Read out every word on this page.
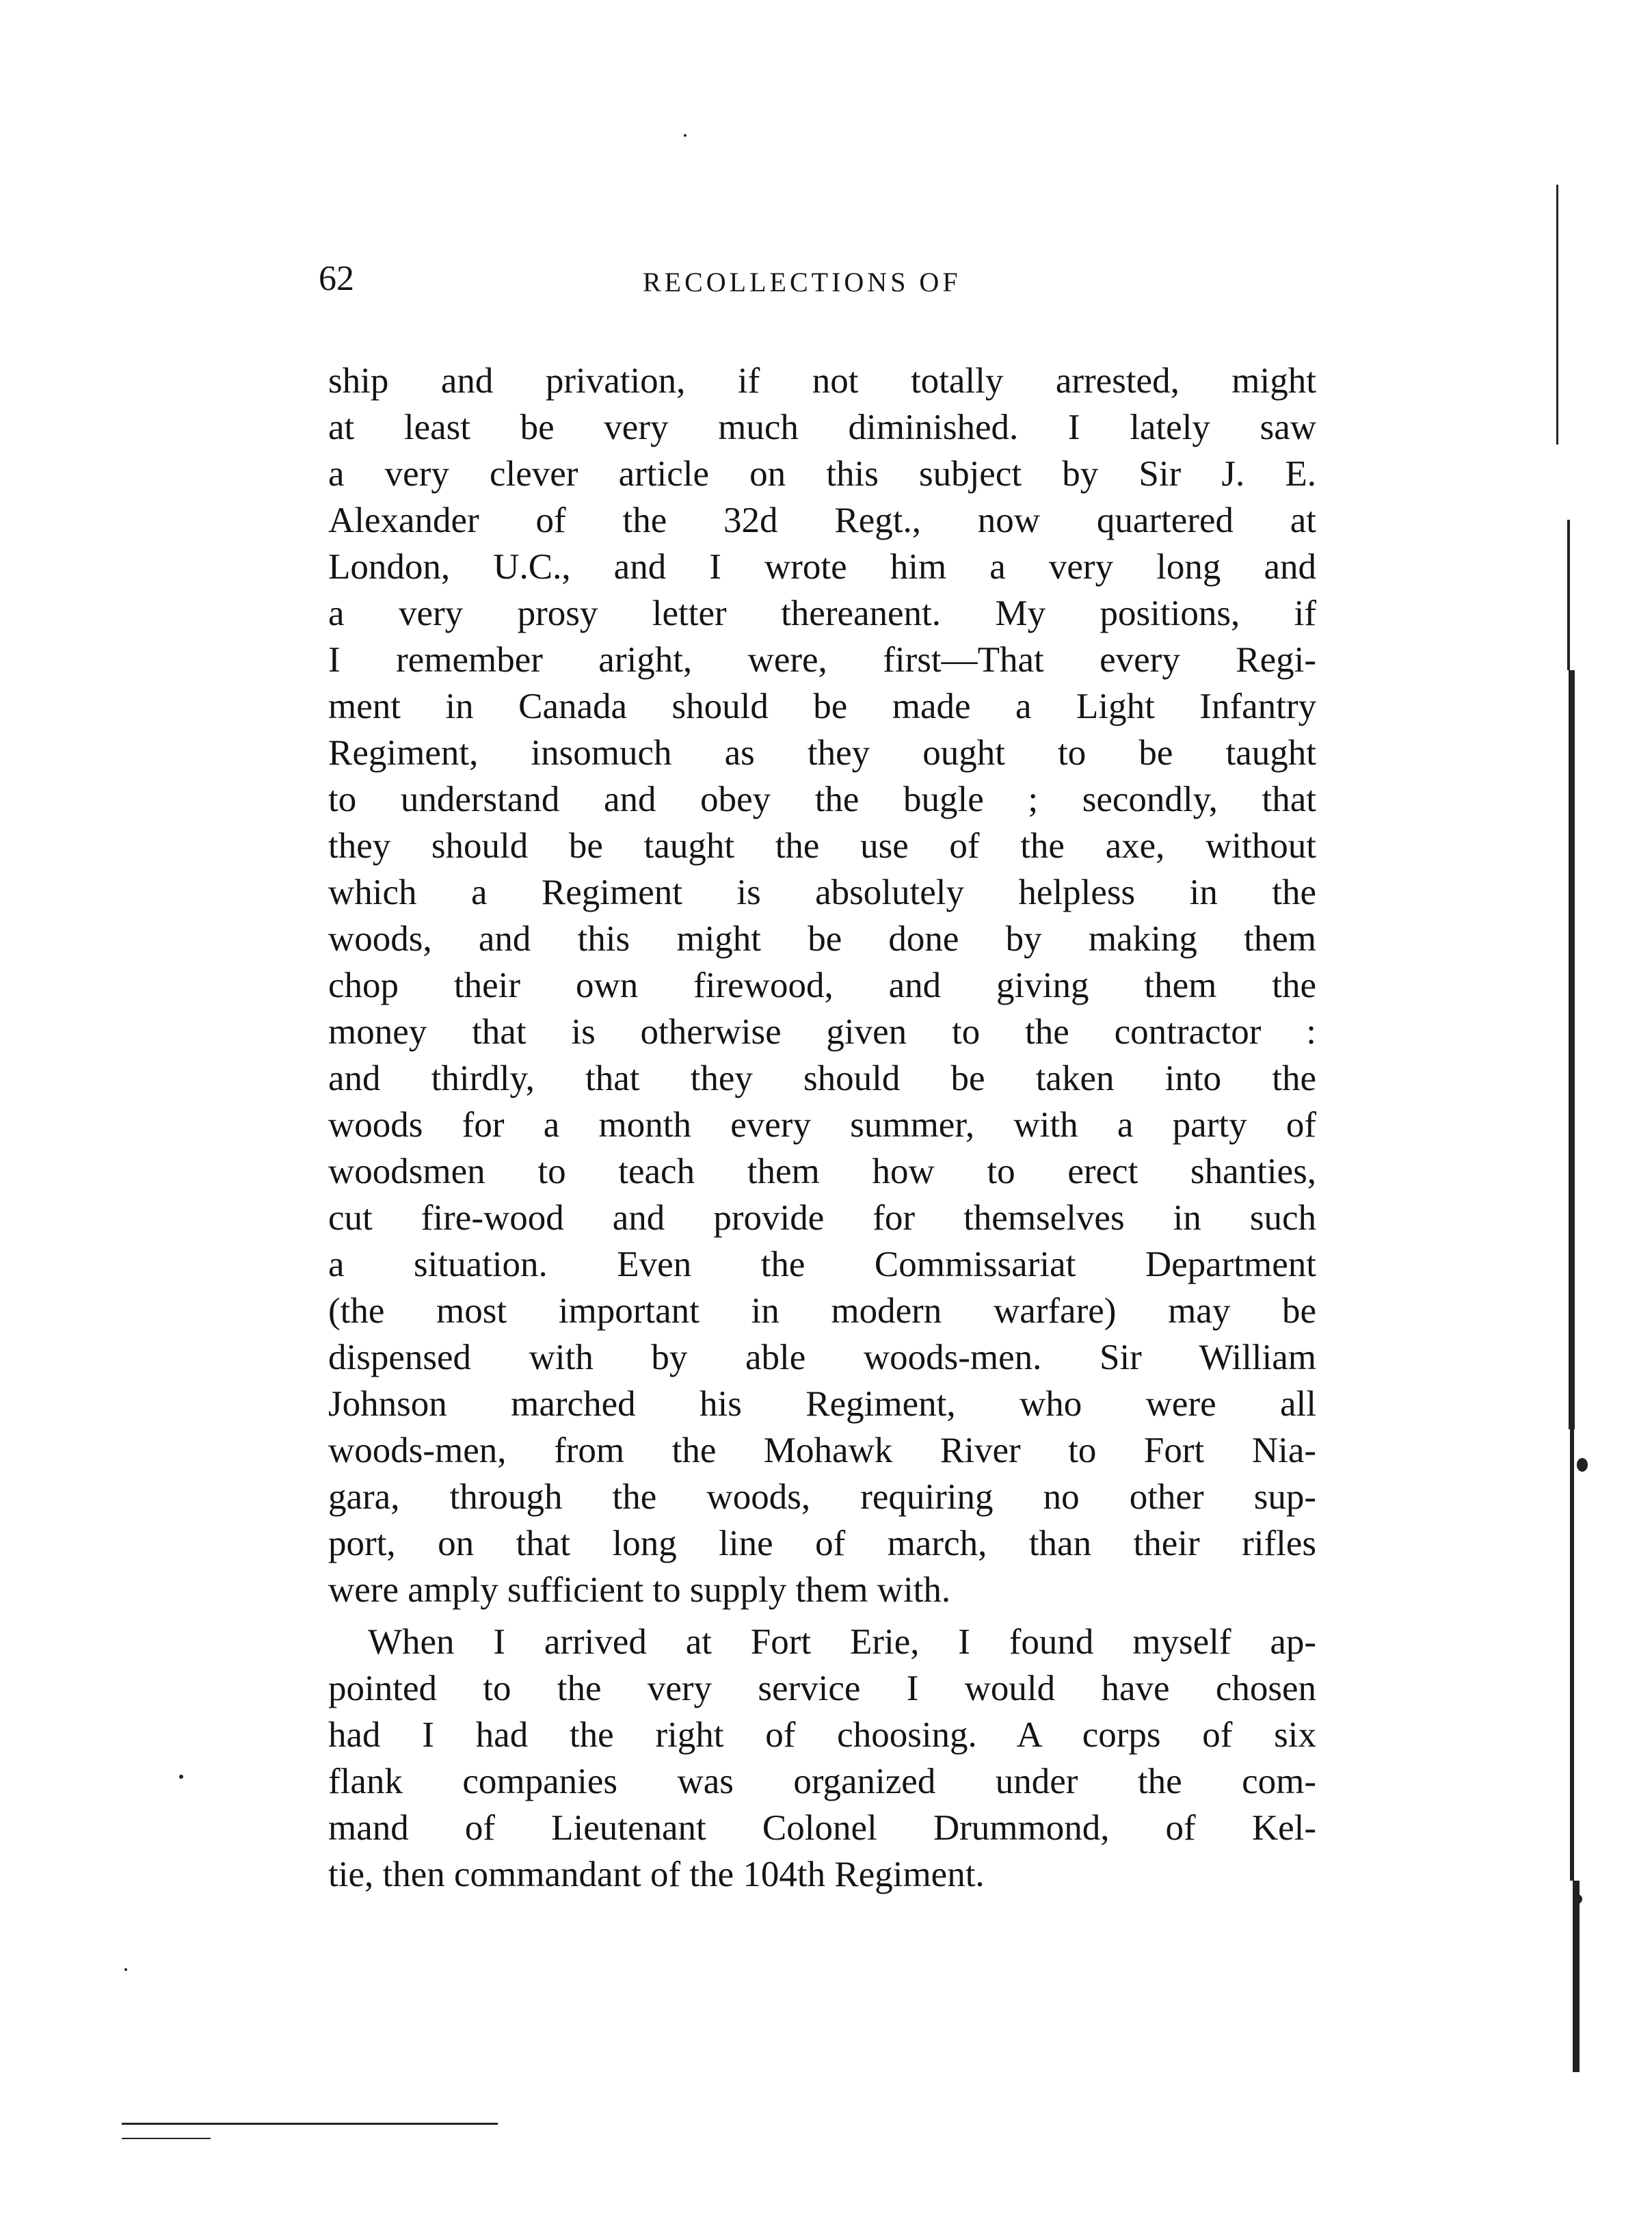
62	RECOLLECTIONS OF
ship and privation, if not totally arrested, might
at least be very much diminished. I lately saw
a very clever article on this subject by Sir J. E.
Alexander of the 32d Regt., now quartered at
London, U.C., and I wrote him a very long and
a very prosy letter thereanent. My positions, if
I remember aright, were, first—That every Regi-
ment in Canada should be made a Light Infantry
Regiment, insomuch as they ought to be taught
to understand and obey the bugle ; secondly, that
they should be taught the use of the axe, without
which a Regiment is absolutely helpless in the
woods, and this might be done by making them
chop their own firewood, and giving them the
money that is otherwise given to the contractor :
and thirdly, that they should be taken into the
woods for a month every summer, with a party of
woodsmen to teach them how to erect shanties,
cut fire-wood and provide for themselves in such
a situation. Even the Commissariat Department
(the most important in modern warfare) may be
dispensed with by able woods-men. Sir William
Johnson marched his Regiment, who were all
woods-men, from the Mohawk River to Fort Nia-
gara, through the woods, requiring no other sup-
port, on that long line of march, than their rifles
were amply sufficient to supply them with.
When I arrived at Fort Erie, I found myself ap-
pointed to the very service I would have chosen
had I had the right of choosing. A corps of six
flank companies was organized under the com-
mand of Lieutenant Colonel Drummond, of Kel-
tie, then commandant of the 104th Regiment.
